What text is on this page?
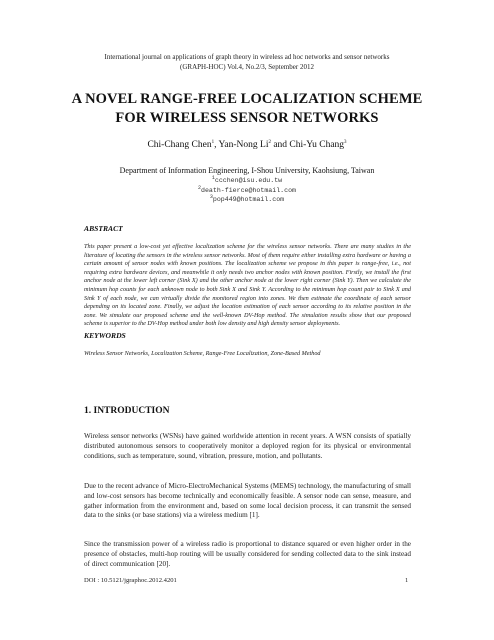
International journal on applications of graph theory in wireless ad hoc networks and sensor networks
(GRAPH-HOC) Vol.4, No.2/3, September 2012
A NOVEL RANGE-FREE LOCALIZATION SCHEME
FOR WIRELESS SENSOR NETWORKS
Chi-Chang Chen$^1$, Yan-Nong Li$^2$ and Chi-Yu Chang$^3$
Department of Information Engineering, I-Shou University, Kaohsiung, Taiwan
$^1$ccchen@isu.edu.tw
$^2$death-fierce@hotmail.com
$^3$pop449@hotmail.com
ABSTRACT
This paper present a low-cost yet effective localization scheme for the wireless sensor networks. There are many studies in the literature of locating the sensors in the wireless sensor networks. Most of them require either installing extra hardware or having a certain amount of sensor nodes with known positions. The localization scheme we propose in this paper is range-free, i.e., not requiring extra hardware devices, and meanwhile it only needs two anchor nodes with known position. Firstly, we install the first anchor node at the lower left corner (Sink X) and the other anchor node at the lower right corner (Sink Y). Then we calculate the minimum hop counts for each unknown node to both Sink X and Sink Y. According to the minimum hop count pair to Sink X and Sink Y of each node, we can virtually divide the monitored region into zones. We then estimate the coordinate of each sensor depending on its located zone. Finally, we adjust the location estimation of each sensor according to its relative position in the zone. We simulate our proposed scheme and the well-known DV-Hop method. The simulation results show that our proposed scheme is superior to the DV-Hop method under both low density and high density sensor deployments.
KEYWORDS
Wireless Sensor Networks, Localization Scheme, Range-Free Localization, Zone-Based Method
1. INTRODUCTION
Wireless sensor networks (WSNs) have gained worldwide attention in recent years. A WSN consists of spatially distributed autonomous sensors to cooperatively monitor a deployed region for its physical or environmental conditions, such as temperature, sound, vibration, pressure, motion, and pollutants.
Due to the recent advance of Micro-ElectroMechanical Systems (MEMS) technology, the manufacturing of small and low-cost sensors has become technically and economically feasible. A sensor node can sense, measure, and gather information from the environment and, based on some local decision process, it can transmit the sensed data to the sinks (or base stations) via a wireless medium [1].
Since the transmission power of a wireless radio is proportional to distance squared or even higher order in the presence of obstacles, multi-hop routing will be usually considered for sending collected data to the sink instead of direct communication [20].
DOI : 10.5121/jgraphoc.2012.4201	1
